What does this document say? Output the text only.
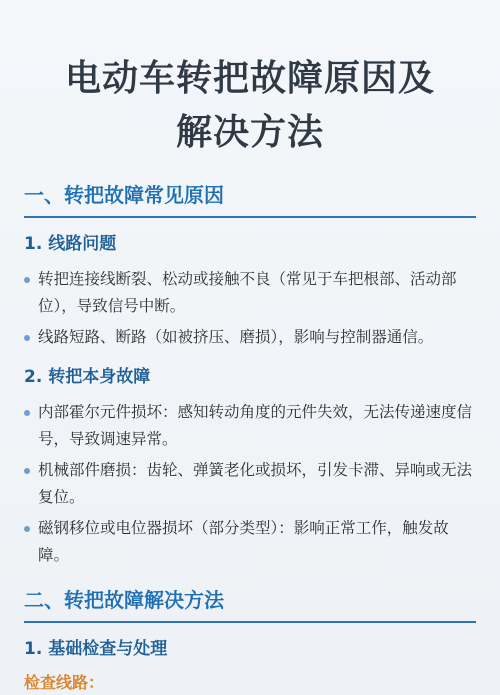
电动车转把故障原因及
解决方法
一、转把故障常见原因
1. 线路问题
转把连接线断裂、松动或接触不良（常见于车把根部、活动部位），导致信号中断。
线路短路、断路（如被挤压、磨损），影响与控制器通信。
2. 转把本身故障
内部霍尔元件损坏：感知转动角度的元件失效，无法传递速度信号，导致调速异常。
机械部件磨损：齿轮、弹簧老化或损坏，引发卡滞、异响或无法复位。
磁钢移位或电位器损坏（部分类型）：影响正常工作，触发故障。
二、转把故障解决方法
1. 基础检查与处理
检查线路：
